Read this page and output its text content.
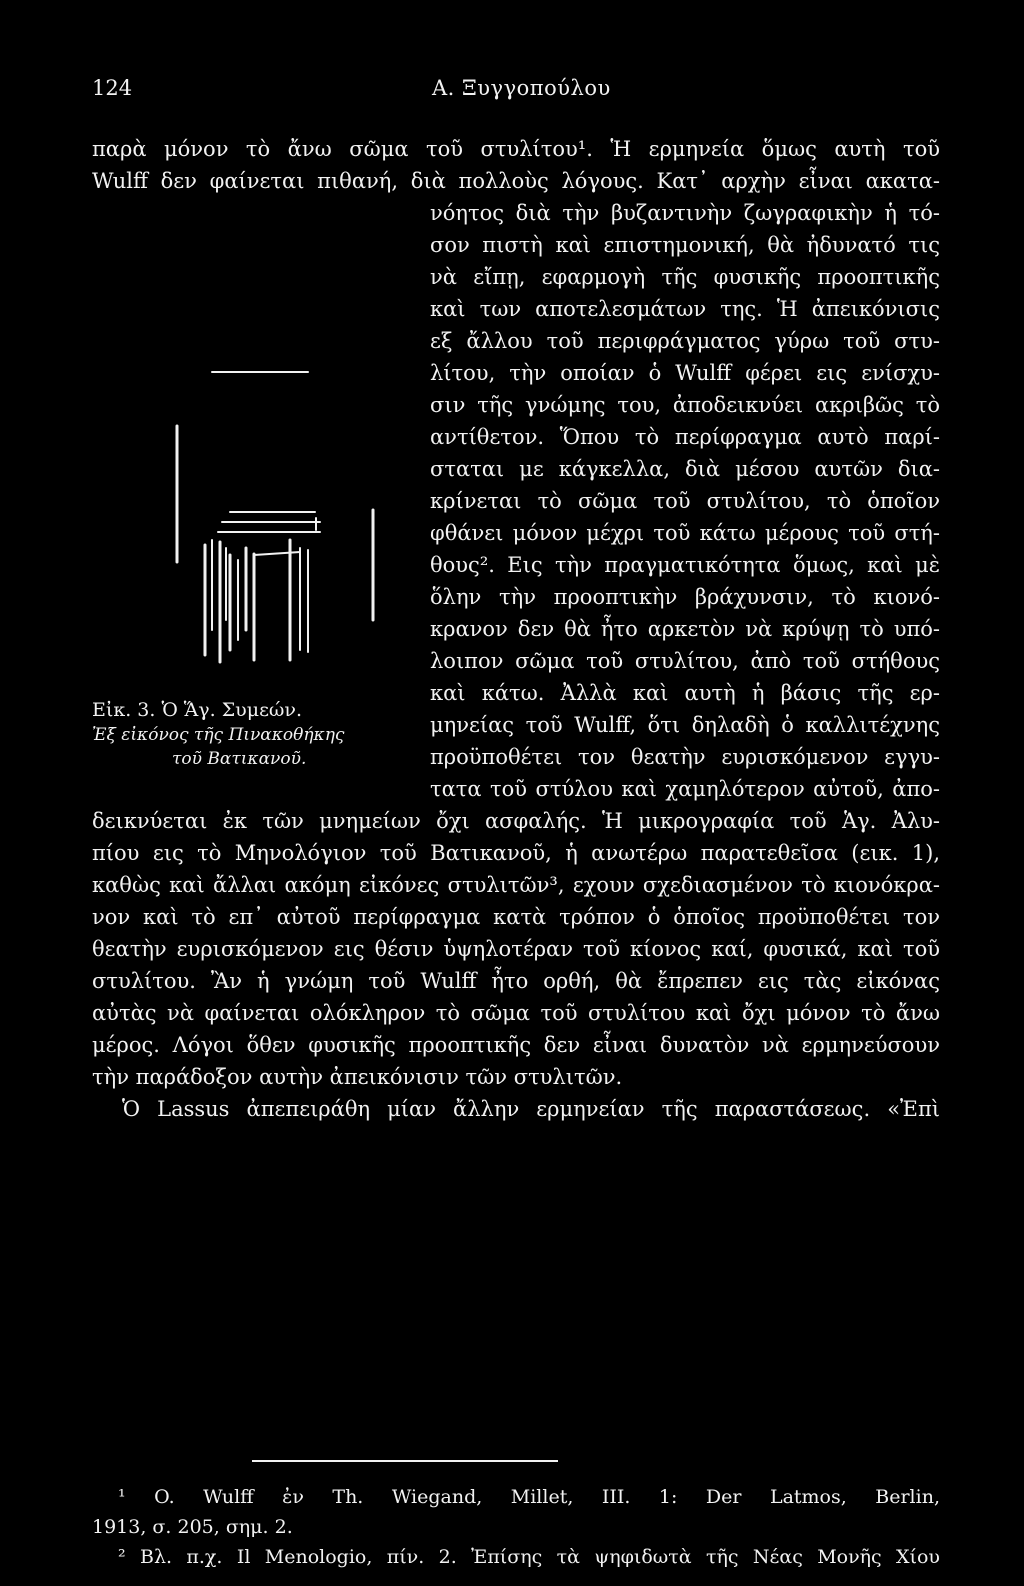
124	Α. Ξυγγοπούλου
παρὰ μόνον τὸ ἄνω σῶμα τοῦ στυλίτου¹. Ἡ ερμηνεία ὅμως αυτὴ τοῦ
Wulff δεν φαίνεται πιθανή, διὰ πολλοὺς λόγους. Κατ᾽ αρχὴν εἶναι ακατα-
νόητος διὰ τὴν βυζαντινὴν ζωγραφικὴν ἡ τό-
σον πιστὴ καὶ επιστημονική, θὰ ἠδυνατό τις
νὰ εἴπῃ, εφαρμογὴ τῆς φυσικῆς προοπτικῆς
καὶ των αποτελεσμάτων της. Ἡ ἀπεικόνισις
εξ ἄλλου τοῦ περιφράγματος γύρω τοῦ στυ-
λίτου, τὴν οποίαν ὁ Wulff φέρει εις ενίσχυ-
σιν τῆς γνώμης του, ἀποδεικνύει ακριβῶς τὸ
αντίθετον. Ὅπου τὸ περίφραγμα αυτὸ παρί-
σταται με κάγκελλα, διὰ μέσου αυτῶν δια-
κρίνεται τὸ σῶμα τοῦ στυλίτου, τὸ ὁποῖον
φθάνει μόνον μέχρι τοῦ κάτω μέρους τοῦ στή-
θους². Εις τὴν πραγματικότητα ὅμως, καὶ μὲ
ὅλην τὴν προοπτικὴν βράχυνσιν, τὸ κιονό-
κρανον δεν θὰ ἦτο αρκετὸν νὰ κρύψῃ τὸ υπό-
λοιπον σῶμα τοῦ στυλίτου, ἀπὸ τοῦ στήθους
καὶ κάτω. Ἀλλὰ καὶ αυτὴ ἡ βάσις τῆς ερ-
μηνείας τοῦ Wulff, ὅτι δηλαδὴ ὁ καλλιτέχνης
προϋποθέτει τον θεατὴν ευρισκόμενον εγγυ-
τατα τοῦ στύλου καὶ χαμηλότερον αὐτοῦ, ἀπο-
δεικνύεται ἐκ τῶν μνημείων ὄχι ασφαλής. Ἡ μικρογραφία τοῦ Ἁγ. Ἀλυ-
πίου εις τὸ Μηνολόγιον τοῦ Βατικανοῦ, ἡ ανωτέρω παρατεθεῖσα (εικ. 1),
καθὼς καὶ ἄλλαι ακόμη εἰκόνες στυλιτῶν³, εχουν σχεδιασμένον τὸ κιονόκρα-
νον καὶ τὸ επ᾽ αὐτοῦ περίφραγμα κατὰ τρόπον ὁ ὁποῖος προϋποθέτει τον
θεατὴν ευρισκόμενον εις θέσιν ὑψηλοτέραν τοῦ κίονος καί, φυσικά, καὶ τοῦ
στυλίτου. Ἂν ἡ γνώμη τοῦ Wulff ἦτο ορθή, θὰ ἔπρεπεν εις τὰς εἰκόνας
αὐτὰς νὰ φαίνεται ολόκληρον τὸ σῶμα τοῦ στυλίτου καὶ ὄχι μόνον τὸ ἄνω
μέρος. Λόγοι ὅθεν φυσικῆς προοπτικῆς δεν εἶναι δυνατὸν νὰ ερμηνεύσουν
τὴν παράδοξον αυτὴν ἀπεικόνισιν τῶν στυλιτῶν.
Ὁ Lassus ἀπεπειράθη μίαν ἄλλην ερμηνείαν τῆς παραστάσεως. «Ἐπὶ
Εἰκ. 3. Ὁ Ἅγ. Συμεών.
Ἐξ εἰκόνος τῆς Πινακοθήκης
τοῦ Βατικανοῦ.
¹ O. Wulff ἐν Th. Wiegand, Millet, III. 1: Der Latmos, Berlin,
1913, σ. 205, σημ. 2.
² Βλ. π.χ. Il Menologio, πίν. 2. Ἐπίσης τὰ ψηφιδωτὰ τῆς Νέας Μονῆς Χίου
